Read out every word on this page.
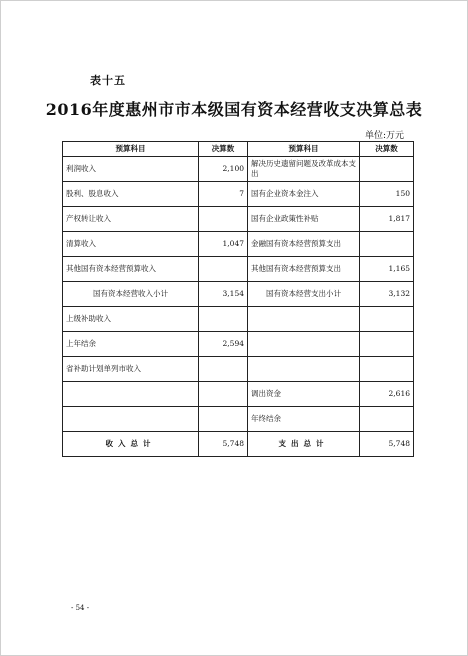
表十五
2016年度惠州市市本级国有资本经营收支决算总表
单位:万元
预算科目	决算数	预算科目	决算数
利润收入	2,100	解决历史遗留问题及改革成本支出	
股利、股息收入	7	国有企业资本金注入	150
产权转让收入		国有企业政策性补贴	1,817
清算收入	1,047	金融国有资本经营预算支出	
其他国有资本经营预算收入		其他国有资本经营预算支出	1,165
国有资本经营收入小计	3,154	国有资本经营支出小计	3,132
上级补助收入			
上年结余	2,594		
省补助计划单列市收入			
		调出资金	2,616
		年终结余	
收入总计	5,748	支出总计	5,748
- 54 -
